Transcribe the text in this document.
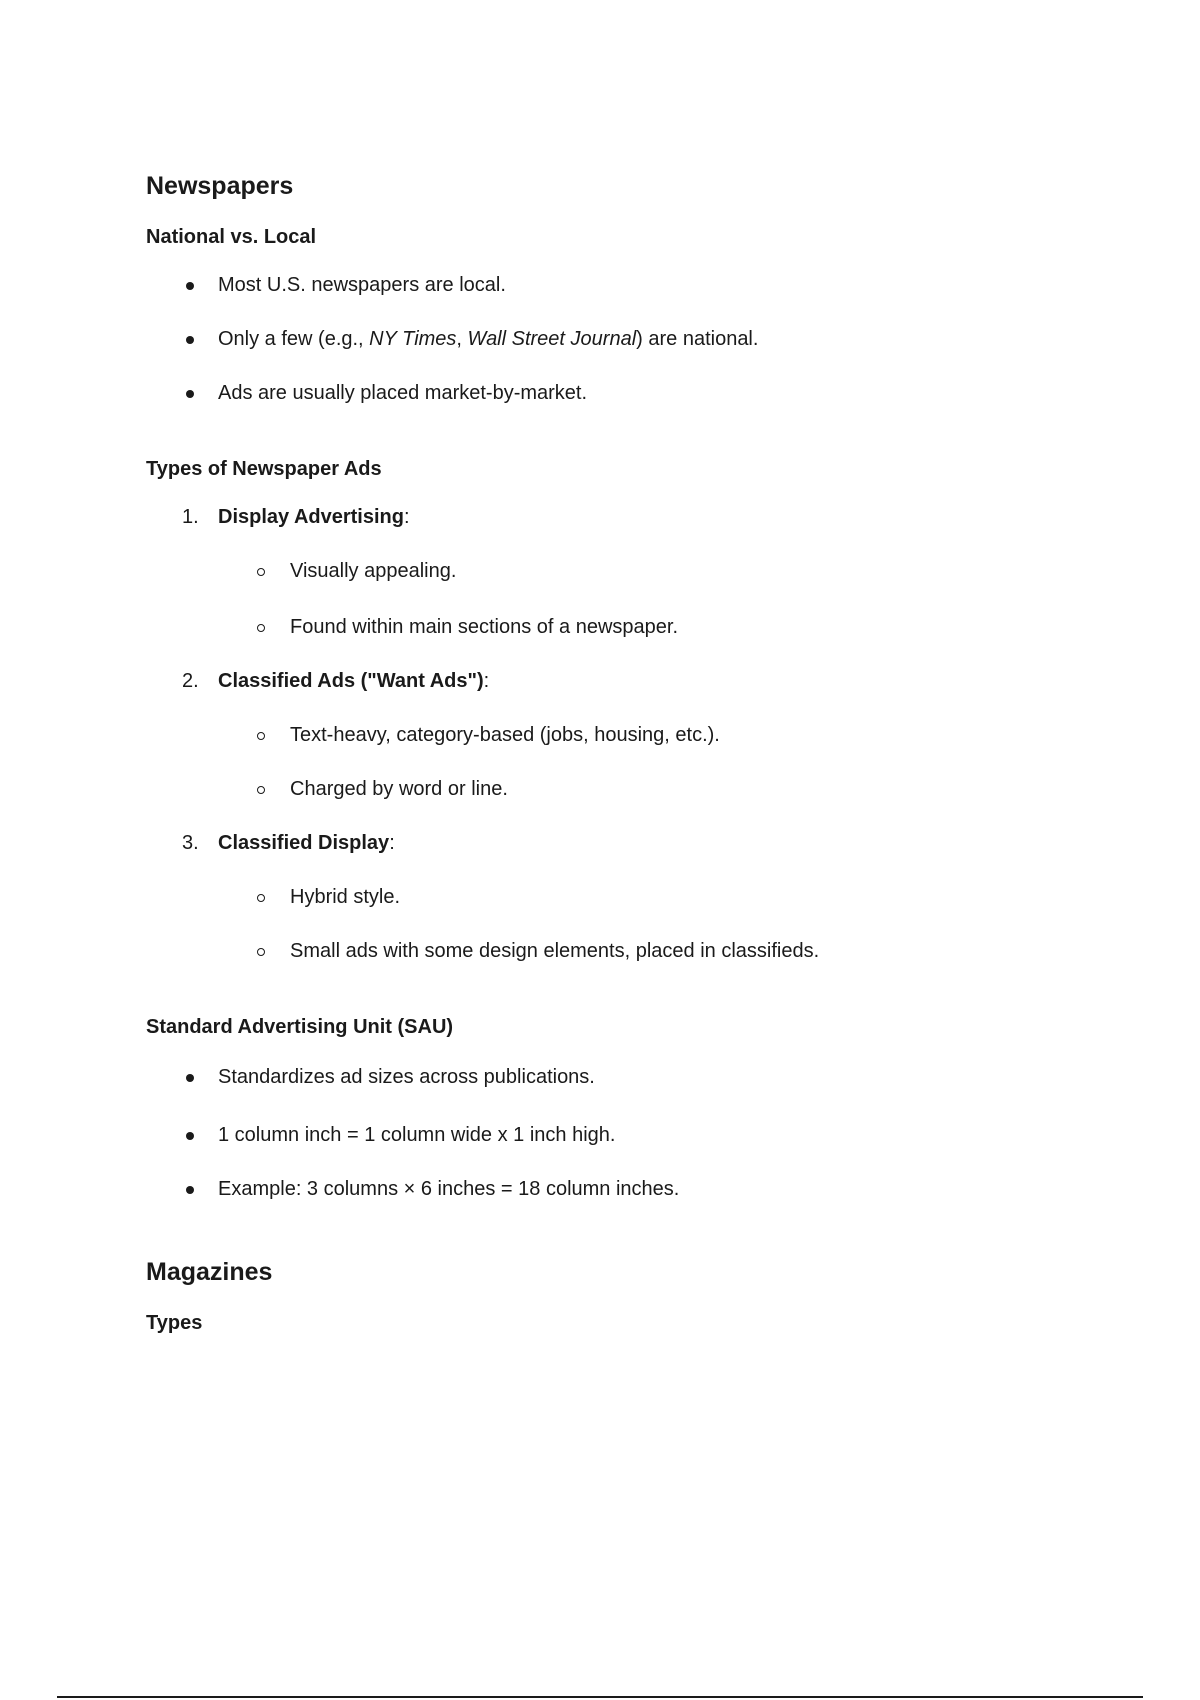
Newspapers
National vs. Local
Most U.S. newspapers are local.
Only a few (e.g., NY Times, Wall Street Journal) are national.
Ads are usually placed market-by-market.
Types of Newspaper Ads
1. Display Advertising:
Visually appealing.
Found within main sections of a newspaper.
2. Classified Ads ("Want Ads"):
Text-heavy, category-based (jobs, housing, etc.).
Charged by word or line.
3. Classified Display:
Hybrid style.
Small ads with some design elements, placed in classifieds.
Standard Advertising Unit (SAU)
Standardizes ad sizes across publications.
1 column inch = 1 column wide x 1 inch high.
Example: 3 columns × 6 inches = 18 column inches.
Magazines
Types
